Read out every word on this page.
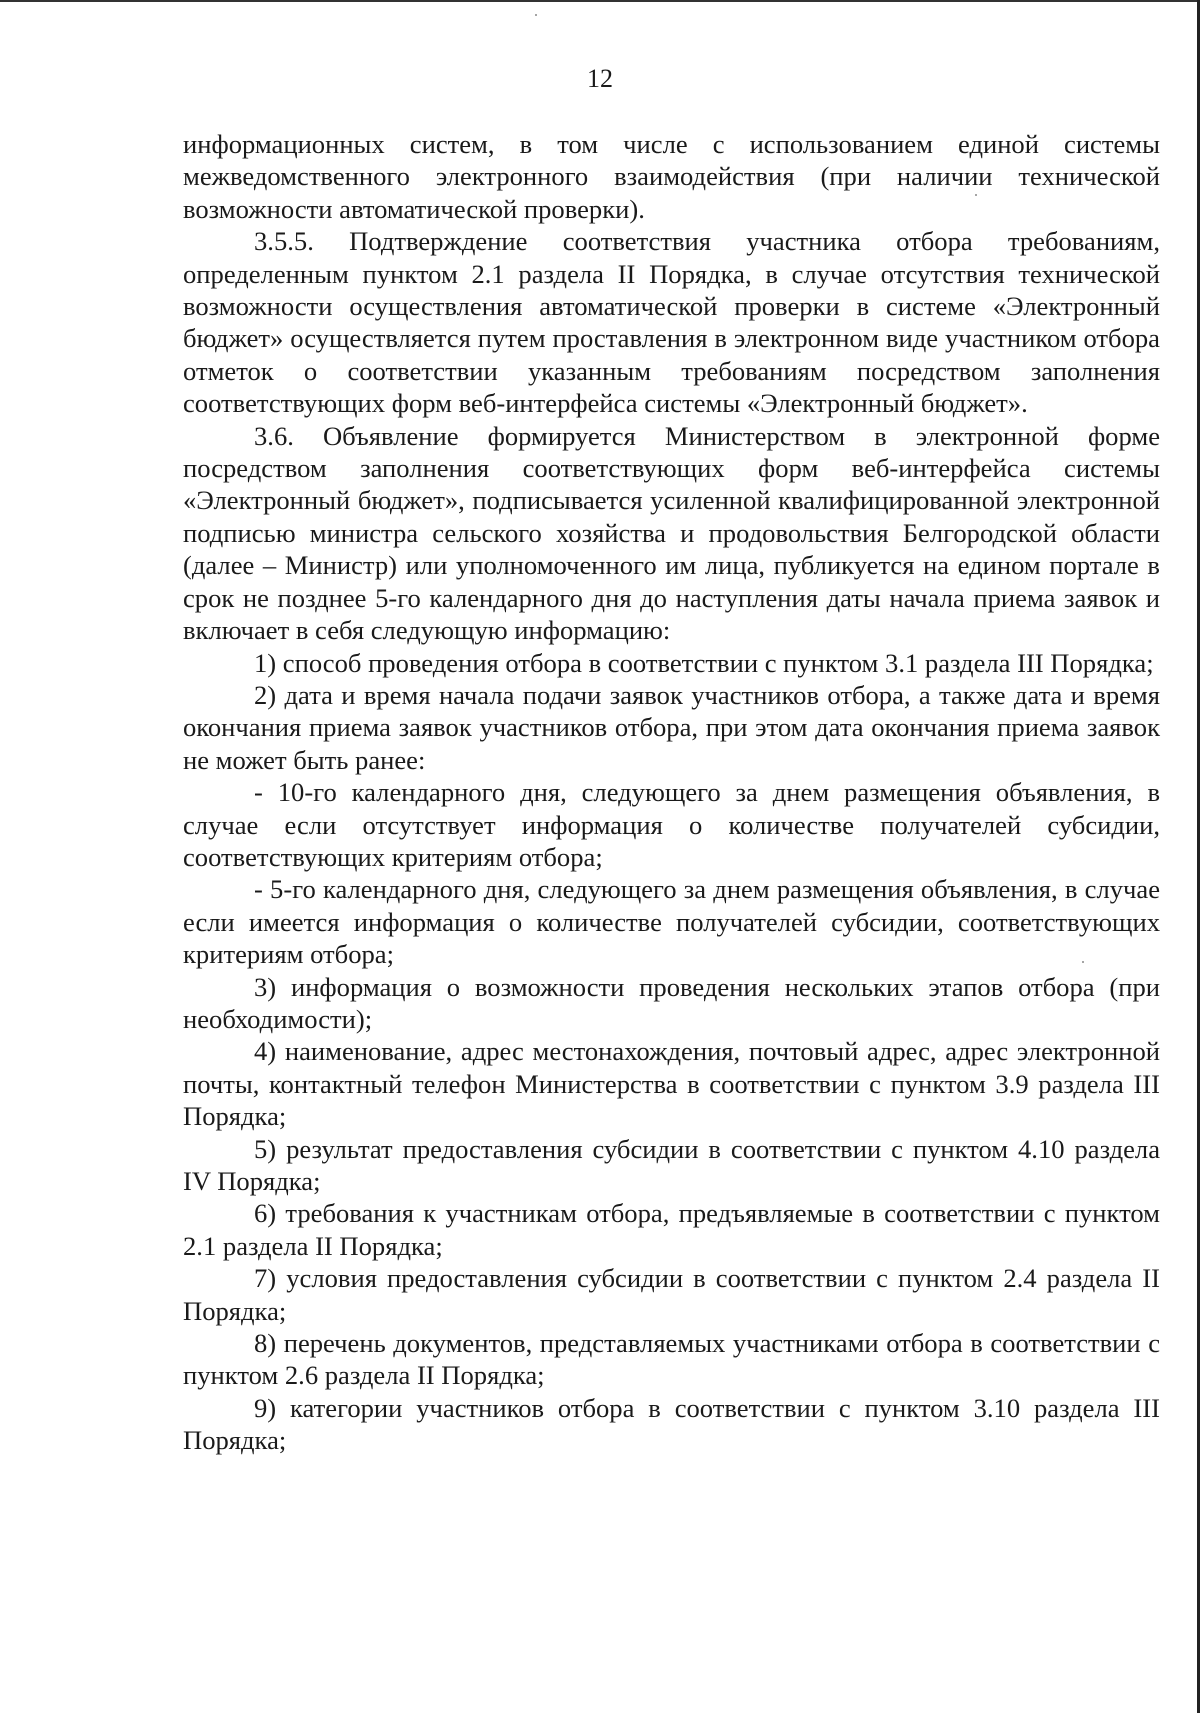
12

информационных систем, в том числе с использованием единой системы межведомственного электронного взаимодействия (при наличии технической возможности автоматической проверки).

3.5.5. Подтверждение соответствия участника отбора требованиям, определенным пунктом 2.1 раздела II Порядка, в случае отсутствия технической возможности осуществления автоматической проверки в системе «Электронный бюджет» осуществляется путем проставления в электронном виде участником отбора отметок о соответствии указанным требованиям посредством заполнения соответствующих форм веб-интерфейса системы «Электронный бюджет».

3.6. Объявление формируется Министерством в электронной форме посредством заполнения соответствующих форм веб-интерфейса системы «Электронный бюджет», подписывается усиленной квалифицированной электронной подписью министра сельского хозяйства и продовольствия Белгородской области (далее – Министр) или уполномоченного им лица, публикуется на едином портале в срок не позднее 5-го календарного дня до наступления даты начала приема заявок и включает в себя следующую информацию:

1) способ проведения отбора в соответствии с пунктом 3.1 раздела III Порядка;

2) дата и время начала подачи заявок участников отбора, а также дата и время окончания приема заявок участников отбора, при этом дата окончания приема заявок не может быть ранее:

- 10-го календарного дня, следующего за днем размещения объявления, в случае если отсутствует информация о количестве получателей субсидии, соответствующих критериям отбора;

- 5-го календарного дня, следующего за днем размещения объявления, в случае если имеется информация о количестве получателей субсидии, соответствующих критериям отбора;

3) информация о возможности проведения нескольких этапов отбора (при необходимости);

4) наименование, адрес местонахождения, почтовый адрес, адрес электронной почты, контактный телефон Министерства в соответствии с пунктом 3.9 раздела III Порядка;

5) результат предоставления субсидии в соответствии с пунктом 4.10 раздела IV Порядка;

6) требования к участникам отбора, предъявляемые в соответствии с пунктом 2.1 раздела II Порядка;

7) условия предоставления субсидии в соответствии с пунктом 2.4 раздела II Порядка;

8) перечень документов, представляемых участниками отбора в соответствии с пунктом 2.6 раздела II Порядка;

9) категории участников отбора в соответствии с пунктом 3.10 раздела III Порядка;
